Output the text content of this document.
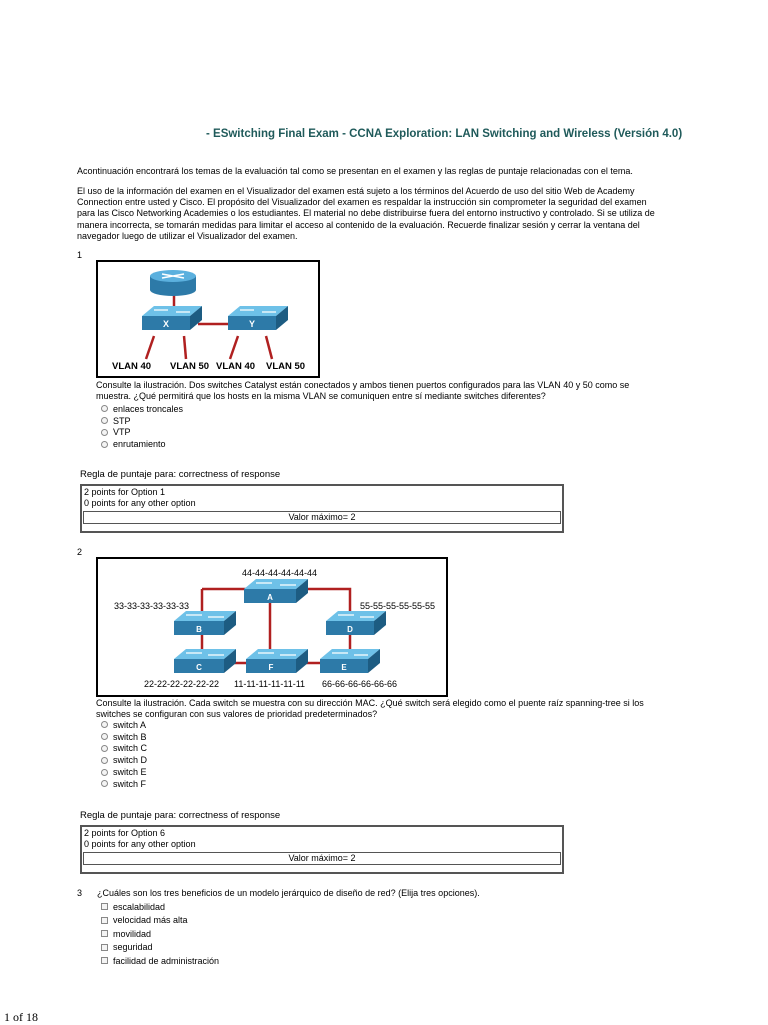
- ESwitching Final Exam - CCNA Exploration: LAN Switching and Wireless (Versión 4.0)
Acontinuación encontrará los temas de la evaluación tal como se presentan en el examen y las reglas de puntaje relacionadas con el tema.
El uso de la información del examen en el Visualizador del examen está sujeto a los términos del Acuerdo de uso del sitio Web de Academy Connection entre usted y Cisco. El propósito del Visualizador del examen es respaldar la instrucción sin comprometer la seguridad del examen para las Cisco Networking Academies o los estudiantes. El material no debe distribuirse fuera del entorno instructivo y controlado. Si se utiliza de manera incorrecta, se tomarán medidas para limitar el acceso al contenido de la evaluación. Recuerde finalizar sesión y cerrar la ventana del navegador luego de utilizar el Visualizador del examen.
1
X	Y
VLAN 40 VLAN 50 VLAN 40 VLAN 50
Consulte la ilustración. Dos switches Catalyst están conectados y ambos tienen puertos configurados para las VLAN 40 y 50 como se muestra. ¿Qué permitirá que los hosts en la misma VLAN se comuniquen entre sí mediante switches diferentes?
enlaces troncales
STP
VTP
enrutamiento
Regla de puntaje para: correctness of response
2 points for Option 1
0 points for any other option
Valor máximo= 2
2
A
B	D
C	F	E
44-44-44-44-44-44
33-33-33-33-33-33	55-55-55-55-55-55
22-22-22-22-22-22 11-11-11-11-11-11 66-66-66-66-66-66
Consulte la ilustración. Cada switch se muestra con su dirección MAC. ¿Qué switch será elegido como el puente raíz spanning-tree si los switches se configuran con sus valores de prioridad predeterminados?
switch A
switch B
switch C
switch D
switch E
switch F
Regla de puntaje para: correctness of response
2 points for Option 6
0 points for any other option
Valor máximo= 2
3 ¿Cuáles son los tres beneficios de un modelo jerárquico de diseño de red? (Elija tres opciones).
escalabilidad
velocidad más alta
movilidad
seguridad
facilidad de administración
1 of 18
